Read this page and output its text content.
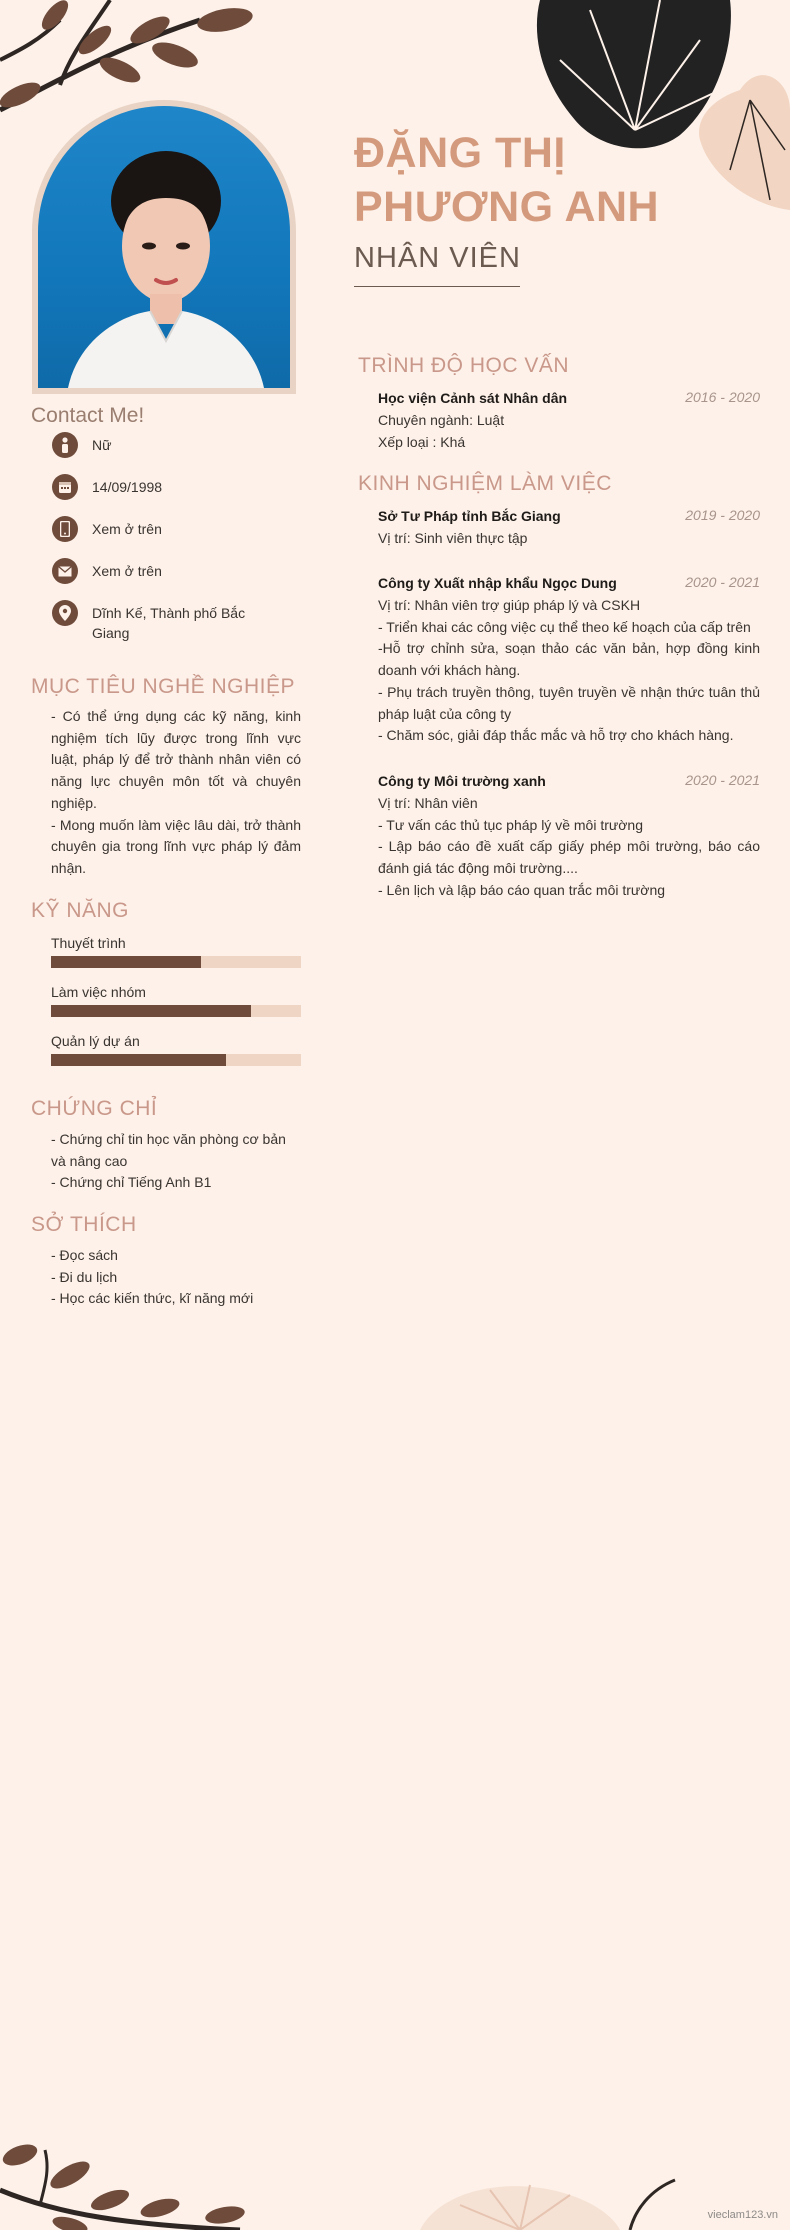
ĐẶNG THỊ
PHƯƠNG ANH
NHÂN VIÊN
Contact Me!
Nữ
14/09/1998
Xem ở trên
Xem ở trên
Dĩnh Kế, Thành phố Bắc Giang
MỤC TIÊU NGHỀ NGHIỆP
- Có thể ứng dụng các kỹ năng, kinh nghiệm tích lũy được trong lĩnh vực luật, pháp lý để trở thành nhân viên có năng lực chuyên môn tốt và chuyên nghiệp.
- Mong muốn làm việc lâu dài, trở thành chuyên gia trong lĩnh vực pháp lý đảm nhận.
KỸ NĂNG
Thuyết trình
Làm việc nhóm
Quản lý dự án
CHỨNG CHỈ
- Chứng chỉ tin học văn phòng cơ bản và nâng cao
- Chứng chỉ Tiếng Anh B1
SỞ THÍCH
- Đọc sách
- Đi du lịch
- Học các kiến thức, kĩ năng mới
TRÌNH ĐỘ HỌC VẤN
Học viện Cảnh sát Nhân dân	2016 - 2020
Chuyên ngành: Luật
Xếp loại : Khá
KINH NGHIỆM LÀM VIỆC
Sở Tư Pháp tỉnh Bắc Giang	2019 - 2020
Vị trí: Sinh viên thực tập
Công ty Xuất nhập khẩu Ngọc Dung	2020 - 2021
Vị trí: Nhân viên trợ giúp pháp lý và CSKH
- Triển khai các công việc cụ thể theo kế hoạch của cấp trên
-Hỗ trợ chỉnh sửa, soạn thảo các văn bản, hợp đồng kinh doanh với khách hàng.
- Phụ trách truyền thông, tuyên truyền về nhận thức tuân thủ pháp luật của công ty
- Chăm sóc, giải đáp thắc mắc và hỗ trợ cho khách hàng.
Công ty Môi trường xanh	2020 - 2021
Vị trí: Nhân viên
- Tư vấn các thủ tục pháp lý về môi trường
- Lập báo cáo đề xuất cấp giấy phép môi trường, báo cáo đánh giá tác động môi trường....
- Lên lịch và lập báo cáo quan trắc môi trường
vieclam123.vn
